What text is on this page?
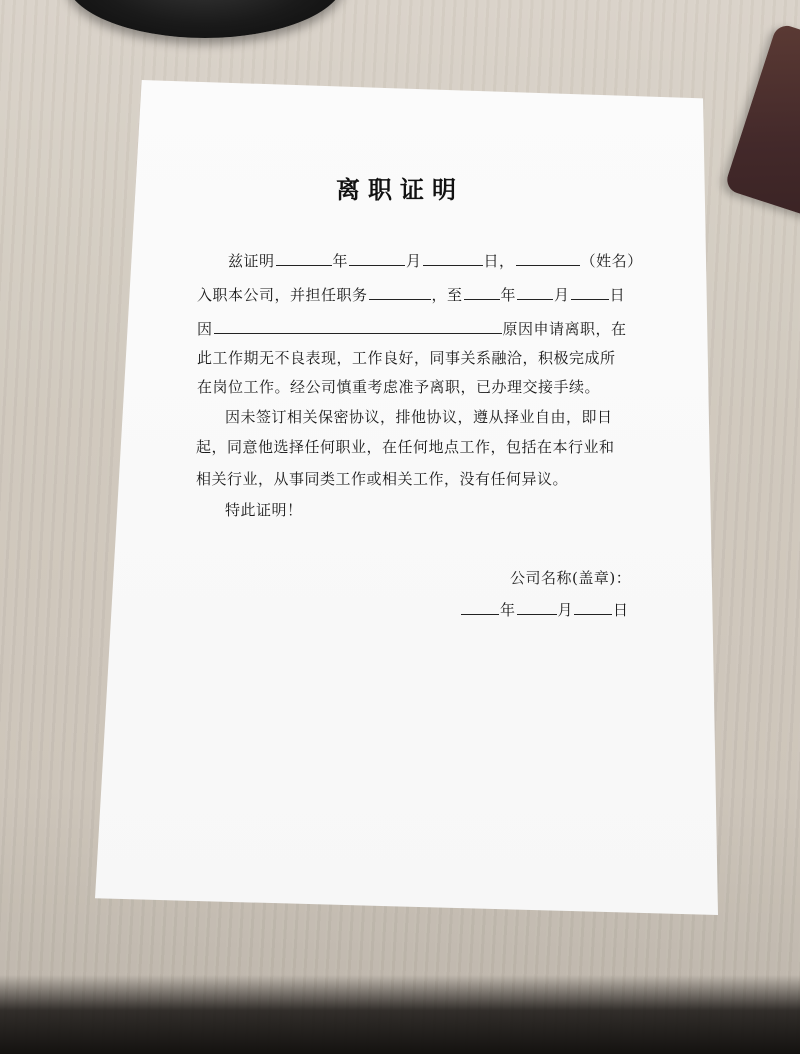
离职证明
兹证明	年	月	日，	（姓名）
入职本公司，并担任职务	，至	年	月	日
因	原因申请离职，在
此工作期无不良表现，工作良好，同事关系融洽，积极完成所
在岗位工作。经公司慎重考虑准予离职，已办理交接手续。
因未签订相关保密协议，排他协议，遵从择业自由，即日
起，同意他选择任何职业，在任何地点工作，包括在本行业和
相关行业，从事同类工作或相关工作，没有任何异议。
特此证明！
公司名称(盖章)：
年	月	日
